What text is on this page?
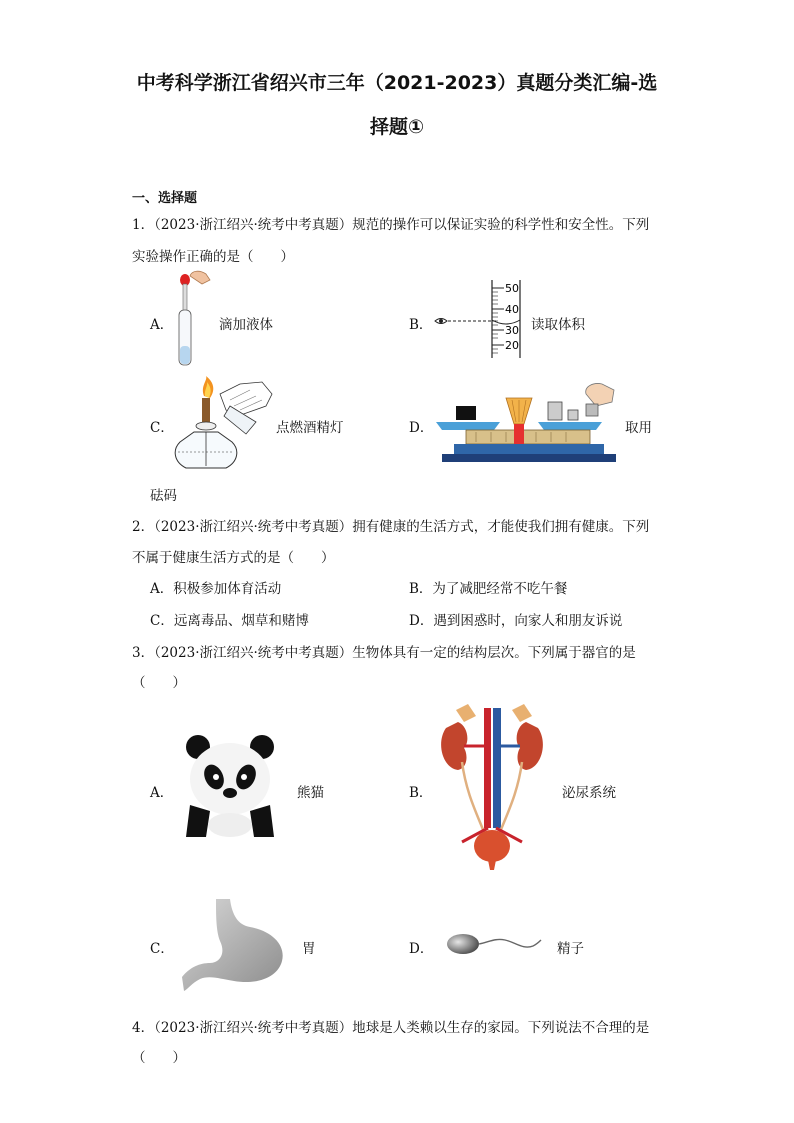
中考科学浙江省绍兴市三年（2021-2023）真题分类汇编-选
择题①
一、选择题
1．（2023·浙江绍兴·统考中考真题）规范的操作可以保证实验的科学性和安全性。下列
实验操作正确的是（　　）
A．	滴加液体	B．
50
40
30
20
读取体积
C．	点燃酒精灯	D．	取用
砝码
2．（2023·浙江绍兴·统考中考真题）拥有健康的生活方式，才能使我们拥有健康。下列
不属于健康生活方式的是（　　）
A．积极参加体育活动	B．为了减肥经常不吃午餐
C．远离毒品、烟草和赌博	D．遇到困惑时，向家人和朋友诉说
3．（2023·浙江绍兴·统考中考真题）生物体具有一定的结构层次。下列属于器官的是
（　　）
A．	熊猫	B．	泌尿系统
C．	胃	D．	精子
4．（2023·浙江绍兴·统考中考真题）地球是人类赖以生存的家园。下列说法不合理的是
（　　）
